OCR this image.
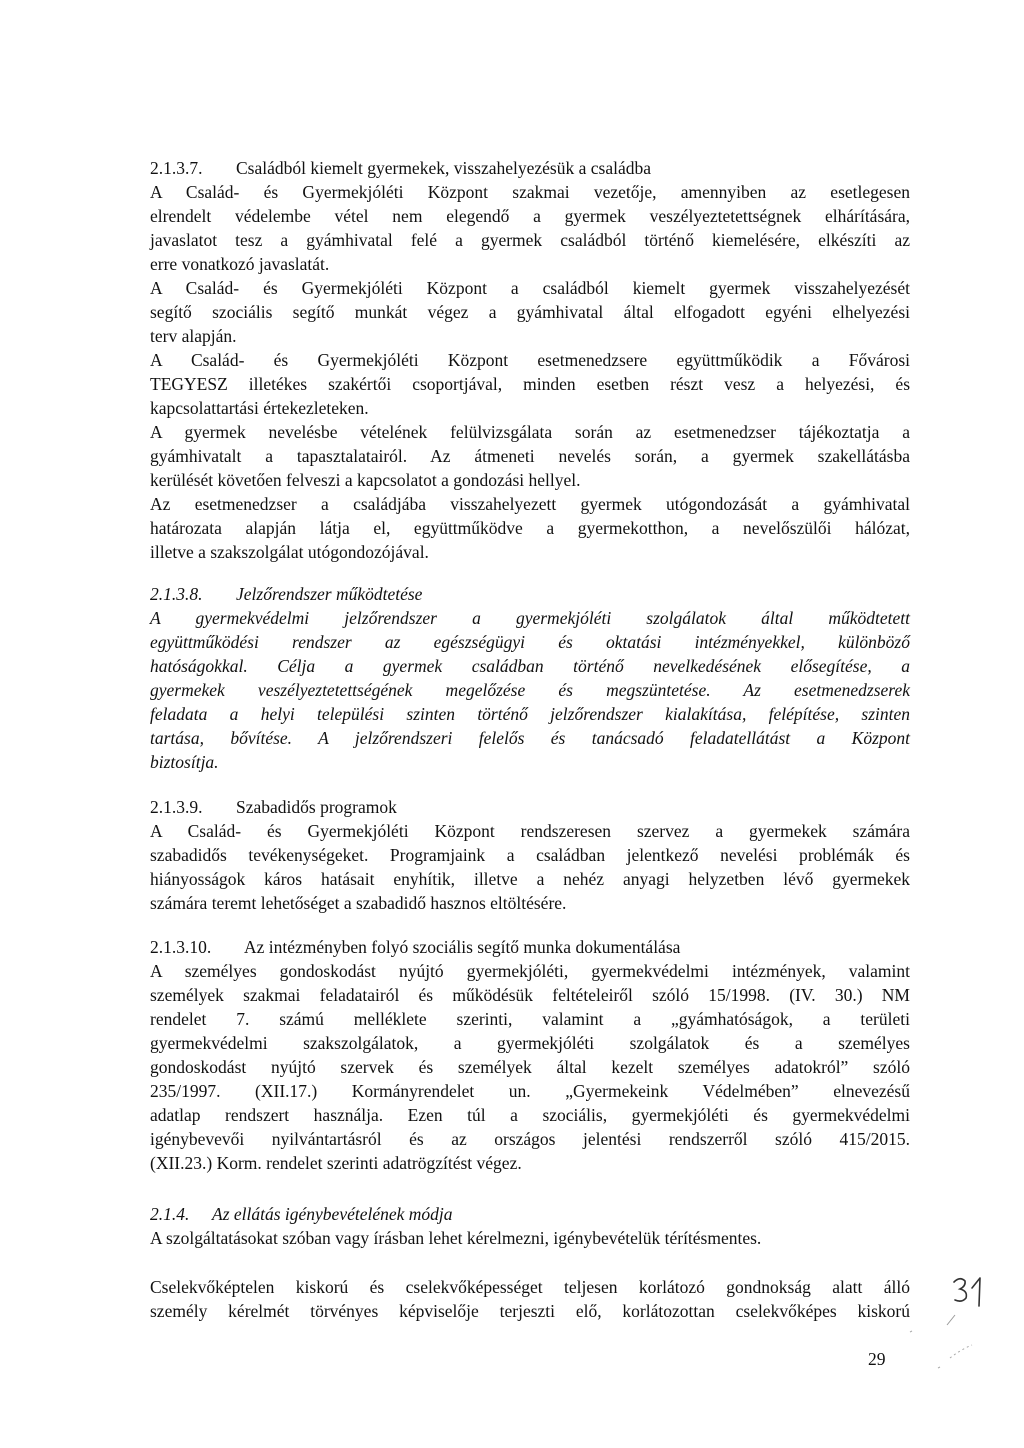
2.1.3.7. Családból kiemelt gyermekek, visszahelyezésük a családba
A Család- és Gyermekjóléti Központ szakmai vezetője, amennyiben az esetlegesen
elrendelt védelembe vétel nem elegendő a gyermek veszélyeztetettségnek elhárítására,
javaslatot tesz a gyámhivatal felé a gyermek családból történő kiemelésére, elkészíti az
erre vonatkozó javaslatát.
A Család- és Gyermekjóléti Központ a családból kiemelt gyermek visszahelyezését
segítő szociális segítő munkát végez a gyámhivatal által elfogadott egyéni elhelyezési
terv alapján.
A Család- és Gyermekjóléti Központ esetmenedzsere együttműködik a Fővárosi
TEGYESZ illetékes szakértői csoportjával, minden esetben részt vesz a helyezési, és
kapcsolattartási értekezleteken.
A gyermek nevelésbe vételének felülvizsgálata során az esetmenedzser tájékoztatja a
gyámhivatalt a tapasztalatairól. Az átmeneti nevelés során, a gyermek szakellátásba
kerülését követően felveszi a kapcsolatot a gondozási hellyel.
Az esetmenedzser a családjába visszahelyezett gyermek utógondozását a gyámhivatal
határozata alapján látja el, együttműködve a gyermekotthon, a nevelőszülői hálózat,
illetve a szakszolgálat utógondozójával.
2.1.3.8. Jelzőrendszer működtetése
A gyermekvédelmi jelzőrendszer a gyermekjóléti szolgálatok által működtetett
együttműködési rendszer az egészségügyi és oktatási intézményekkel, különböző
hatóságokkal. Célja a gyermek családban történő nevelkedésének elősegítése, a
gyermekek veszélyeztetettségének megelőzése és megszüntetése. Az esetmenedzserek
feladata a helyi települési szinten történő jelzőrendszer kialakítása, felépítése, szinten
tartása, bővítése. A jelzőrendszeri felelős és tanácsadó feladatellátást a Központ
biztosítja.
2.1.3.9. Szabadidős programok
A Család- és Gyermekjóléti Központ rendszeresen szervez a gyermekek számára
szabadidős tevékenységeket. Programjaink a családban jelentkező nevelési problémák és
hiányosságok káros hatásait enyhítik, illetve a nehéz anyagi helyzetben lévő gyermekek
számára teremt lehetőséget a szabadidő hasznos eltöltésére.
2.1.3.10. Az intézményben folyó szociális segítő munka dokumentálása
A személyes gondoskodást nyújtó gyermekjóléti, gyermekvédelmi intézmények, valamint
személyek szakmai feladatairól és működésük feltételeiről szóló 15/1998. (IV. 30.) NM
rendelet 7. számú melléklete szerinti, valamint a „gyámhatóságok, a területi
gyermekvédelmi szakszolgálatok, a gyermekjóléti szolgálatok és a személyes
gondoskodást nyújtó szervek és személyek által kezelt személyes adatokról” szóló
235/1997. (XII.17.) Kormányrendelet un. „Gyermekeink Védelmében” elnevezésű
adatlap rendszert használja. Ezen túl a szociális, gyermekjóléti és gyermekvédelmi
igénybevevői nyilvántartásról és az országos jelentési rendszerről szóló 415/2015.
(XII.23.) Korm. rendelet szerinti adatrögzítést végez.
2.1.4. Az ellátás igénybevételének módja
A szolgáltatásokat szóban vagy írásban lehet kérelmezni, igénybevételük térítésmentes.
Cselekvőképtelen kiskorú és cselekvőképességet teljesen korlátozó gondnokság alatt álló
személy kérelmét törvényes képviselője terjeszti elő, korlátozottan cselekvőképes kiskorú
29
